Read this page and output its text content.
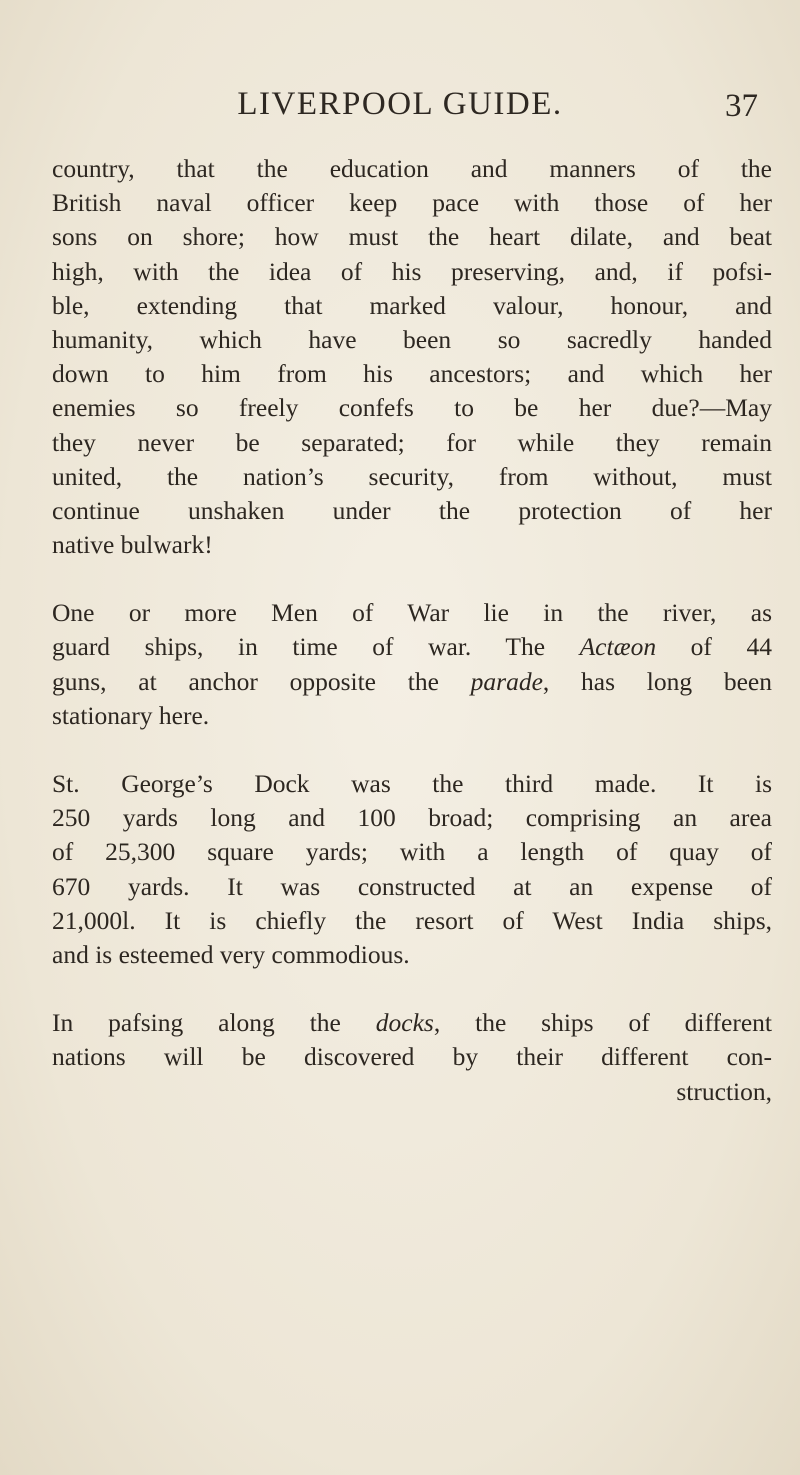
LIVERPOOL GUIDE.	37
country, that the education and manners of the
British naval officer keep pace with those of her
sons on shore; how must the heart dilate, and beat
high, with the idea of his preserving, and, if pofsi-
ble, extending that marked valour, honour, and
humanity, which have been so sacredly handed
down to him from his ancestors; and which her
enemies so freely confefs to be her due?—May
they never be separated; for while they remain
united, the nation’s security, from without, must
continue unshaken under the protection of her
native bulwark!
One or more Men of War lie in the river, as
guard ships, in time of war. The Actæon of 44
guns, at anchor opposite the parade, has long been
stationary here.
St. George’s Dock was the third made. It is
250 yards long and 100 broad; comprising an area
of 25,300 square yards; with a length of quay of
670 yards. It was constructed at an expense of
21,000l. It is chiefly the resort of West India ships,
and is esteemed very commodious.
In pafsing along the docks, the ships of different
nations will be discovered by their different con-
struction,
